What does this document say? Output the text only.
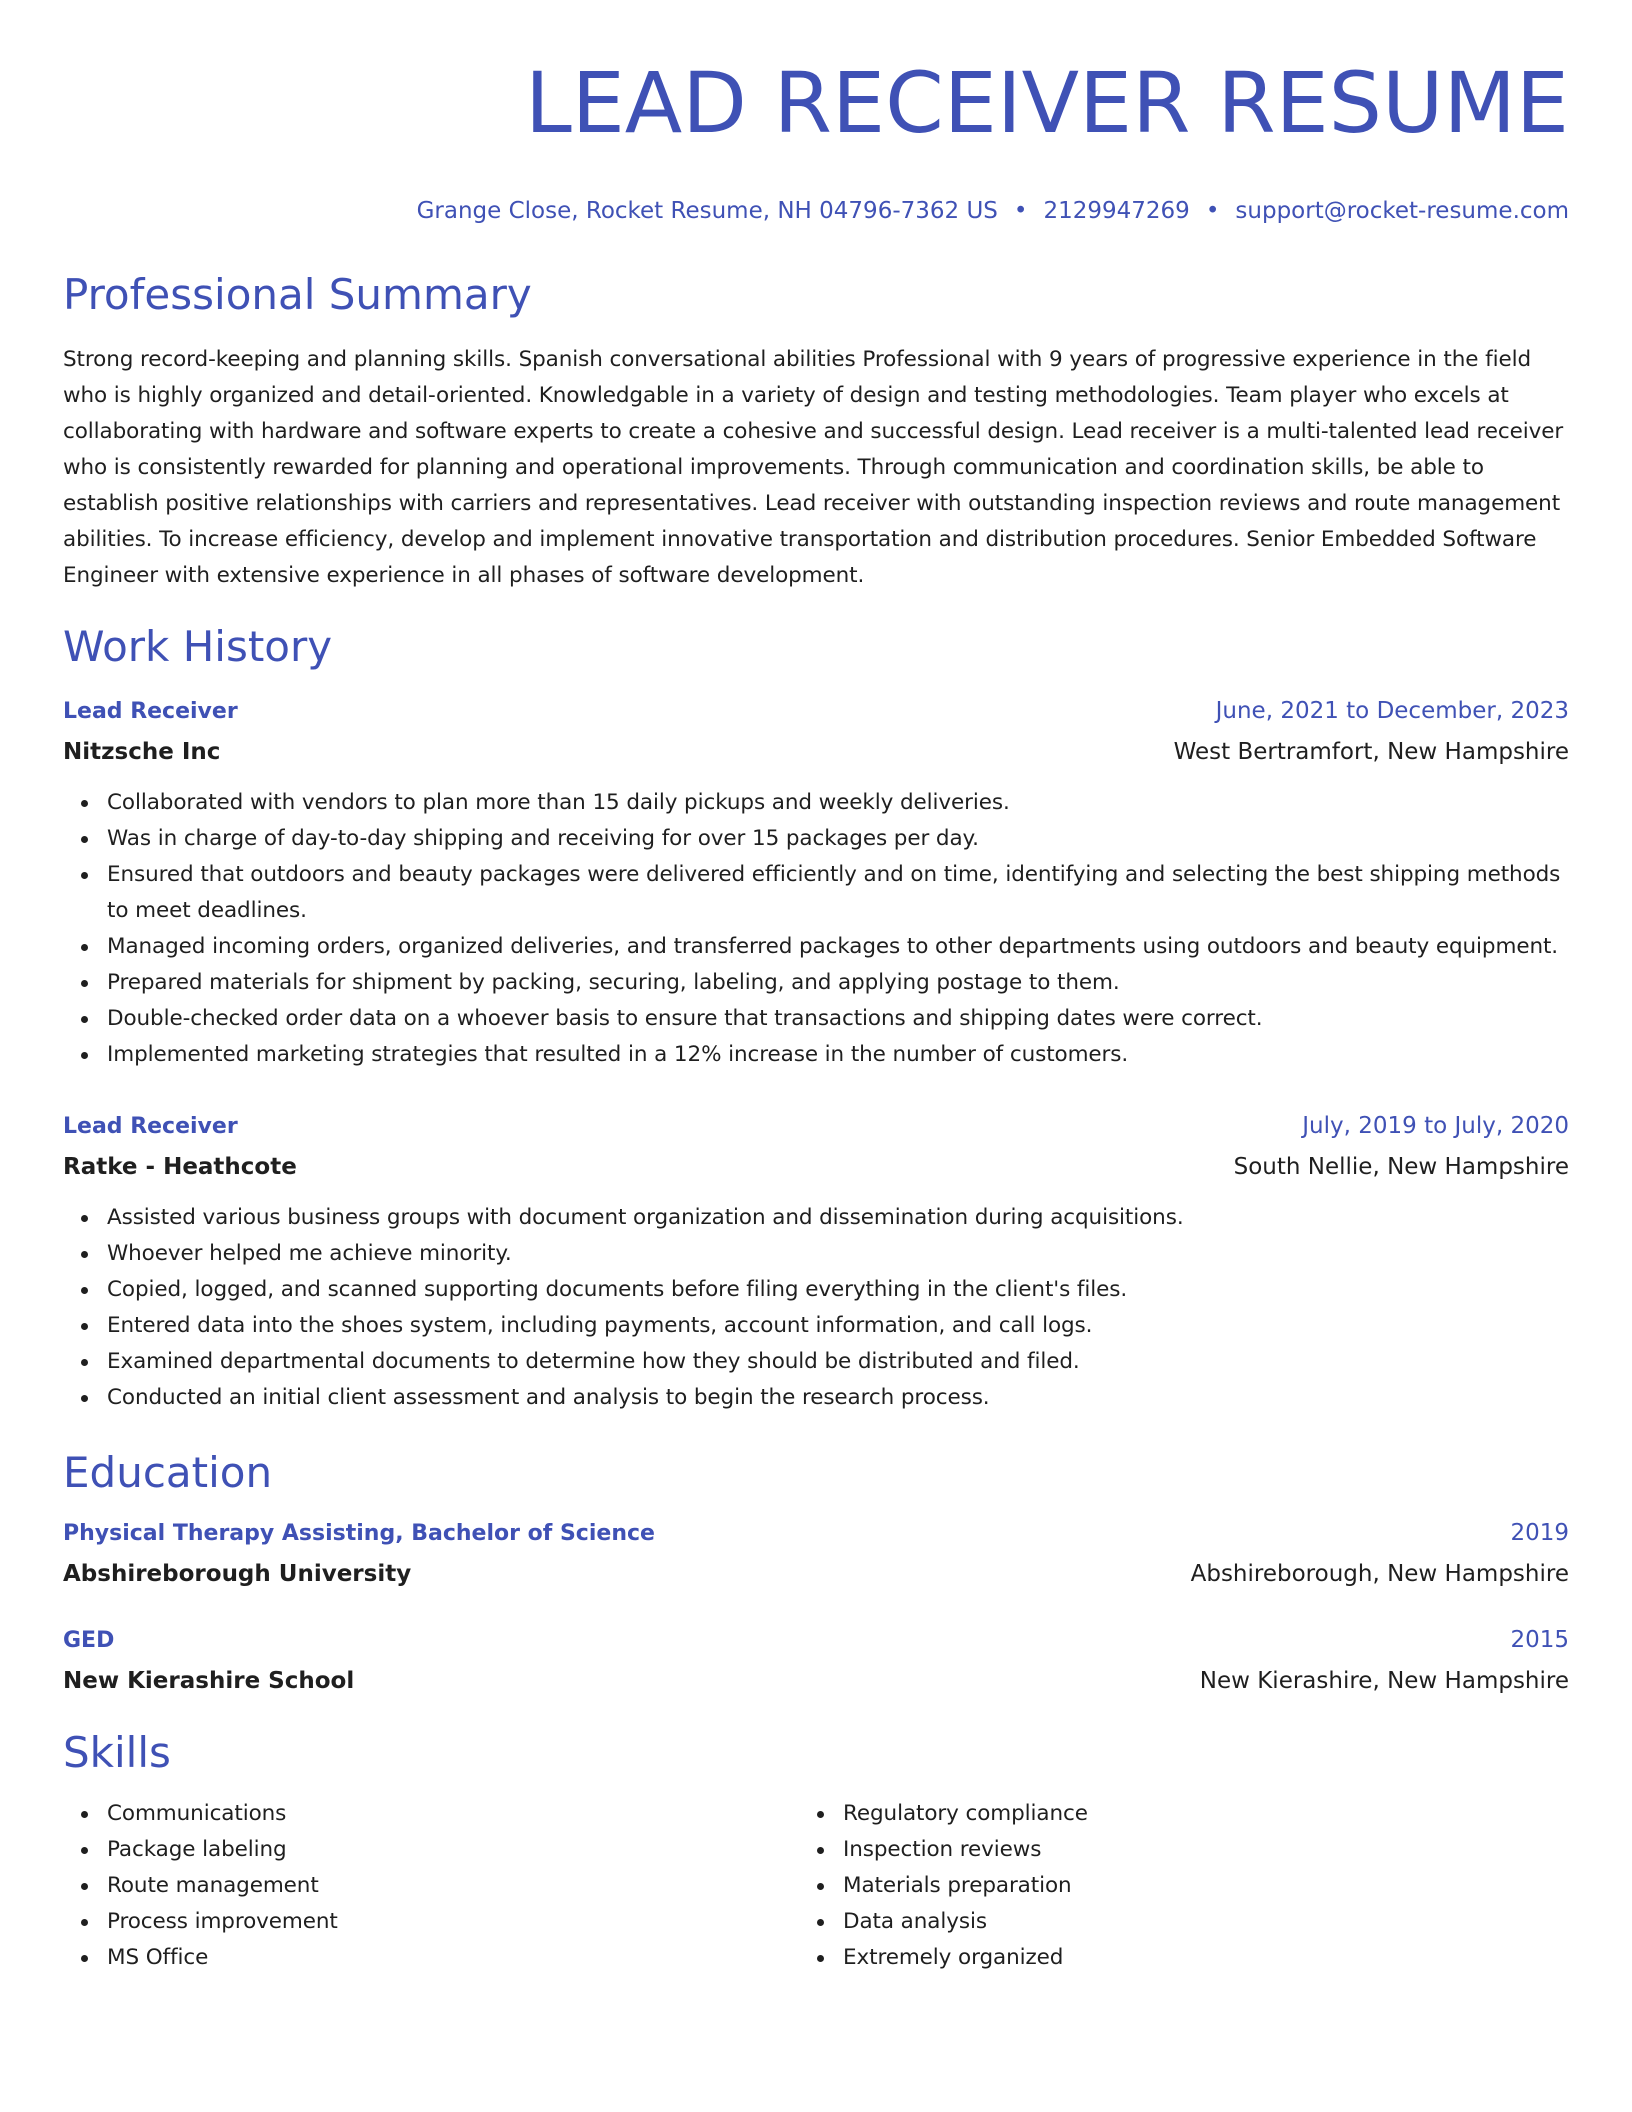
LEAD RECEIVER RESUME
Grange Close, Rocket Resume, NH 04796-7362 US • 2129947269 • support@rocket-resume.com
Professional Summary
Strong record-keeping and planning skills. Spanish conversational abilities Professional with 9 years of progressive experience in the field who is highly organized and detail-oriented. Knowledgable in a variety of design and testing methodologies. Team player who excels at collaborating with hardware and software experts to create a cohesive and successful design. Lead receiver is a multi-talented lead receiver who is consistently rewarded for planning and operational improvements. Through communication and coordination skills, be able to establish positive relationships with carriers and representatives. Lead receiver with outstanding inspection reviews and route management abilities. To increase efficiency, develop and implement innovative transportation and distribution procedures. Senior Embedded Software Engineer with extensive experience in all phases of software development.
Work History
Lead Receiver	June, 2021 to December, 2023
Nitzsche Inc	West Bertramfort, New Hampshire
Collaborated with vendors to plan more than 15 daily pickups and weekly deliveries.
Was in charge of day-to-day shipping and receiving for over 15 packages per day.
Ensured that outdoors and beauty packages were delivered efficiently and on time, identifying and selecting the best shipping methods to meet deadlines.
Managed incoming orders, organized deliveries, and transferred packages to other departments using outdoors and beauty equipment.
Prepared materials for shipment by packing, securing, labeling, and applying postage to them.
Double-checked order data on a whoever basis to ensure that transactions and shipping dates were correct.
Implemented marketing strategies that resulted in a 12% increase in the number of customers.
Lead Receiver	July, 2019 to July, 2020
Ratke - Heathcote	South Nellie, New Hampshire
Assisted various business groups with document organization and dissemination during acquisitions.
Whoever helped me achieve minority.
Copied, logged, and scanned supporting documents before filing everything in the client's files.
Entered data into the shoes system, including payments, account information, and call logs.
Examined departmental documents to determine how they should be distributed and filed.
Conducted an initial client assessment and analysis to begin the research process.
Education
Physical Therapy Assisting, Bachelor of Science	2019
Abshireborough University	Abshireborough, New Hampshire
GED	2015
New Kierashire School	New Kierashire, New Hampshire
Skills
Communications
Package labeling
Route management
Process improvement
MS Office
Regulatory compliance
Inspection reviews
Materials preparation
Data analysis
Extremely organized
